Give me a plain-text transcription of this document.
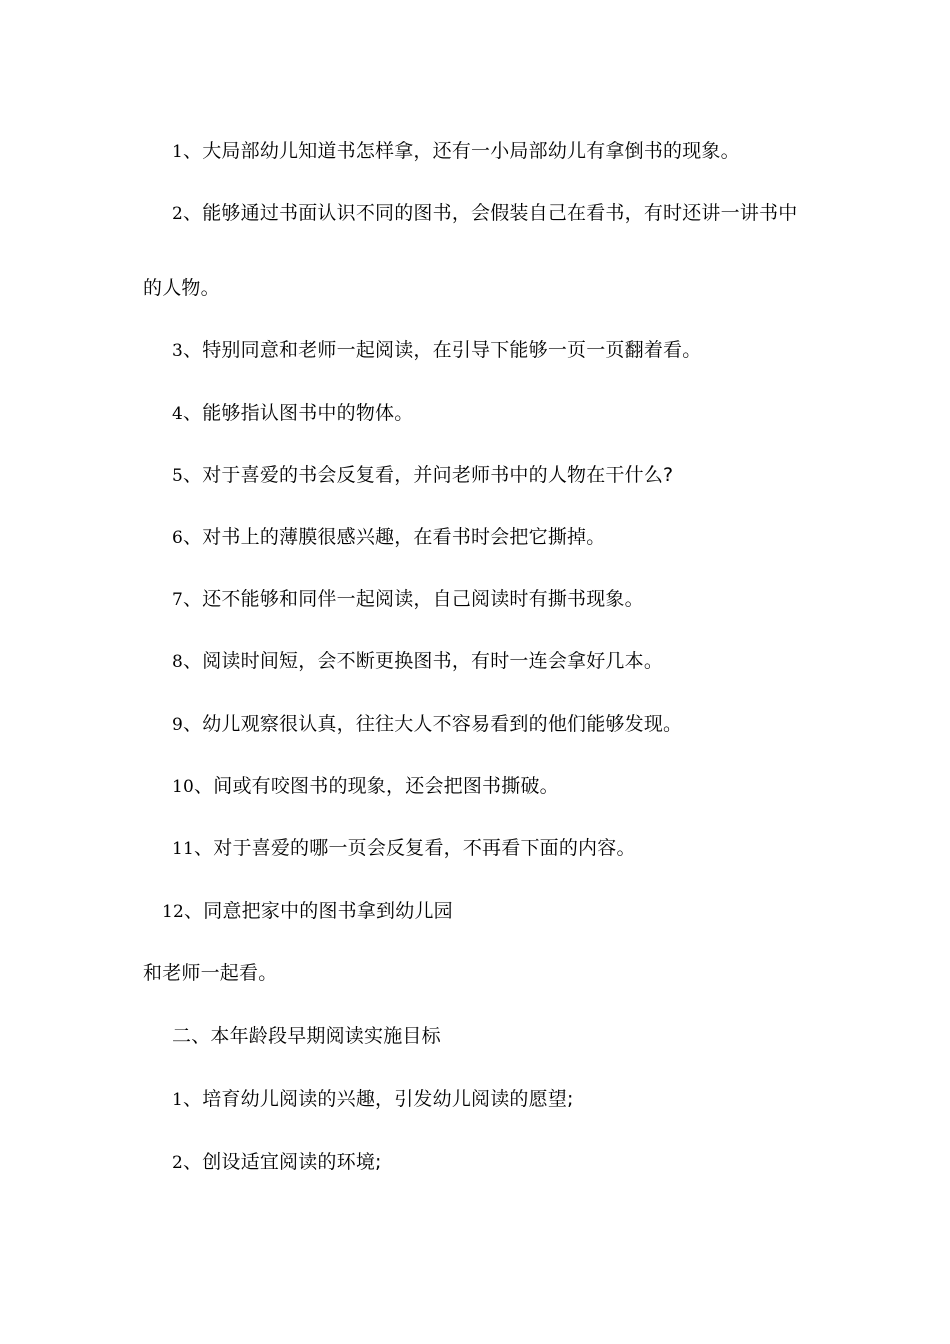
1、大局部幼儿知道书怎样拿，还有一小局部幼儿有拿倒书的现象。
2、能够通过书面认识不同的图书，会假装自己在看书，有时还讲一讲书中
的人物。
3、特别同意和老师一起阅读，在引导下能够一页一页翻着看。
4、能够指认图书中的物体。
5、对于喜爱的书会反复看，并问老师书中的人物在干什么?
6、对书上的薄膜很感兴趣，在看书时会把它撕掉。
7、还不能够和同伴一起阅读，自己阅读时有撕书现象。
8、阅读时间短，会不断更换图书，有时一连会拿好几本。
9、幼儿观察很认真，往往大人不容易看到的他们能够发现。
10、间或有咬图书的现象，还会把图书撕破。
11、对于喜爱的哪一页会反复看，不再看下面的内容。
12、同意把家中的图书拿到幼儿园
和老师一起看。
二、本年龄段早期阅读实施目标
1、培育幼儿阅读的兴趣，引发幼儿阅读的愿望;
2、创设适宜阅读的环境;
